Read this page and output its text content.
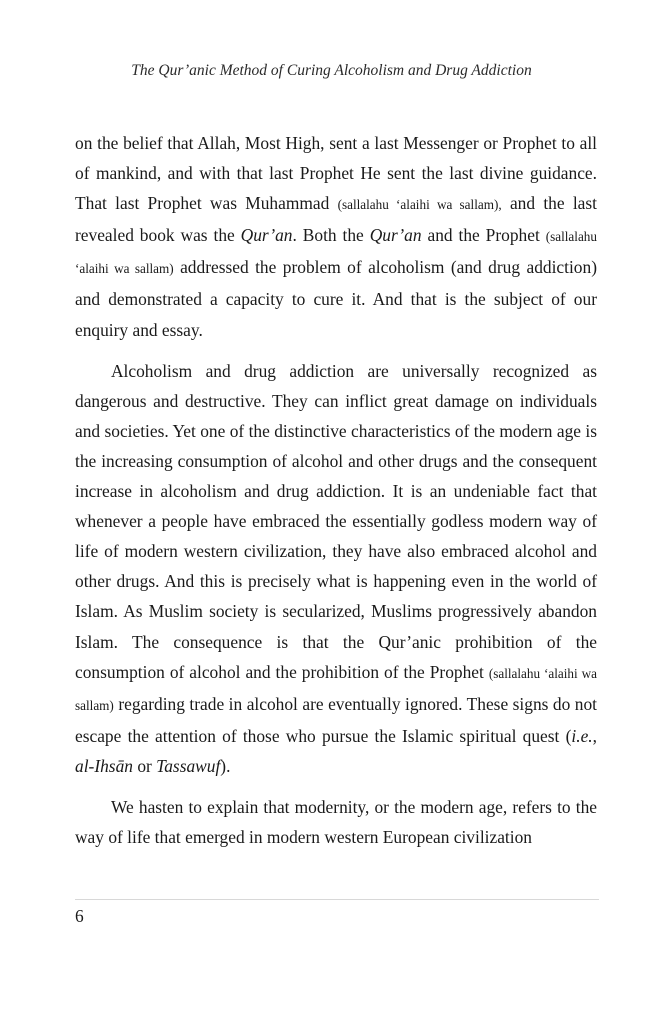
The Qur’anic Method of Curing Alcoholism and Drug Addiction

on the belief that Allah, Most High, sent a last Messenger or Prophet to all of mankind, and with that last Prophet He sent the last divine guidance. That last Prophet was Muhammad (sallalahu ‘alaihi wa sallam), and the last revealed book was the Qur’an. Both the Qur’an and the Prophet (sallalahu ‘alaihi wa sallam) addressed the problem of alcoholism (and drug addiction) and demonstrated a capacity to cure it. And that is the subject of our enquiry and essay.

Alcoholism and drug addiction are universally recognized as dangerous and destructive. They can inflict great damage on individuals and societies. Yet one of the distinctive characteristics of the modern age is the increasing consumption of alcohol and other drugs and the consequent increase in alcoholism and drug addiction. It is an undeniable fact that whenever a people have embraced the essentially godless modern way of life of modern western civilization, they have also embraced alcohol and other drugs. And this is precisely what is happening even in the world of Islam. As Muslim society is secularized, Muslims progressively abandon Islam. The consequence is that the Qur’anic prohibition of the consumption of alcohol and the prohibition of the Prophet (sallalahu ‘alaihi wa sallam) regarding trade in alcohol are eventually ignored. These signs do not escape the attention of those who pursue the Islamic spiritual quest (i.e., al-Ihsān or Tassawuf).

We hasten to explain that modernity, or the modern age, refers to the way of life that emerged in modern western European civilization

6
